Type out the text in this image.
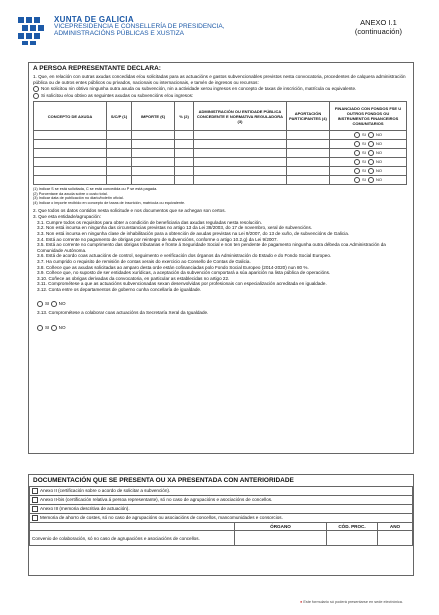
XUNTA DE GALICIA
VICEPRESIDENCIA E CONSELLERÍA DE PRESIDENCIA,
ADMINISTRACIÓNS PÚBLICAS E XUSTIZA
ANEXO I.1
(continuación)
A PERSOA REPRESENTANTE DECLARA:
1. Que, en relación con outras axudas concedidas e/ou solicitadas para as actuacións e gastos subvencionables previstos nesta convocatoria, procedentes de calquera administración pública ou de outros entes públicos ou privados, nacionais ou internacionais, e tamén de ingresos ou recursos:
Non solicitou nin obtivo ningunha outra axuda ou subvención, nin a actividade xerou ingresos en concepto de taxas de inscrición, matrícula ou equivalente.
Si solicitou e/ou obtivo as seguintes axudas ou subvencións e/ou ingresos:
CONCEPTO DE AXUDA	S/C/P (1)	IMPORTE (€)	% (2)	ADMINISTRACIÓN OU ENTIDADE PÚBLICA CONCEDENTE E NORMATIVA REGULADORA (3)	APORTACIÓN PARTICIPANTES (4)	FINANCIADO CON FONDOS FSE U OUTROS FONDOS OU INSTRUMENTOS FINANCEIROS COMUNITARIOS
						SI NO
						SI NO
						SI NO
						SI NO
						SI NO
						SI NO
(1) Indicar S se está solicitada, C se está concedida ou P se está pagada.
(2) Porcentaxe da axuda sobre o custo total.
(3) Indicar data de publicación no diario/boletín oficial.
(4) Indicar o importe recibido en concepto de taxas de inscrición, matrícula ou equivalente.
2. Que todos os datos contidos nesta solicitude e nos documentos que se achegan son certos.
3. Que esta entidade/agrupación:
3.1. Cumpre todos os requisitos para obter a condición de beneficiaria das axudas reguladas nesta resolución.
3.2. Non está incursa en ningunha das circunstancias previstas no artigo 13 da Lei 38/2003, do 17 de novembro, xeral de subvencións.
3.3. Non está incursa en ningunha clase de inhabilitación para a obtención de axudas previstas na Lei 9/2007, do 13 de xuño, de subvencións de Galicia.
3.4. Está ao corrente no pagamento de obrigas por reintegro de subvencións, conforme o artigo 10.2.g) da Lei 9/2007.
3.5. Está ao corrente no cumprimento das obrigas tributarias e fronte á Seguridade Social e non ten pendente de pagamento ningunha outra débeda coa Administración da Comunidade Autónoma.
3.6. Está de acordo coas actuacións de control, seguimento e verificación dos órganos da Administración do Estado e do Fondo Social Europeo.
3.7. Ha cumprido o requisito de remisión de contas xerais do exercicio ao Consello de Contas de Galicia.
3.8. Coñece que as axudas solicitadas ao amparo desta orde están cofinanciadas polo Fondo Social Europeo (2014-2020) nun 80 %.
3.9. Coñece que, no suposto de ser entidades xurídicas, a aceptación da subvención comportará a súa aparición na lista pública de operacións.
3.10. Coñece as obrigas derivadas da convocatoria, en particular as establecidas no artigo 22.
3.11. Comprométese a que as actuacións subvencionadas sexan desenvolvidas por profesionais con especialización acreditada en igualdade.
3.12. Conta entre os departamentos de goberno cunha concellaría de igualdade.
SI NO
3.13. Comprométese a colaborar coas actuacións da Secretaría Xeral da Igualdade.
SI NO
DOCUMENTACIÓN QUE SE PRESENTA OU XA PRESENTADA CON ANTERIORIDADE
Anexo II (certificación sobre o acordo de solicitar a subvención).			
Anexo II-bis (certificación relativa á persoa representante), só no caso de agrupacións e asociacións de concellos.			
Anexo III (memoria descritiva de actuación).			
Memoria de ahorro de costes, só no caso de agrupacións ou asociacións de concellos, mancomunidades e consorcios.			
	ÓRGANO	CÓD. PROC.	ANO
Convenio de colaboración, só no caso de agrupacións e asociacións de concellos.			
● Este formulario só poderá presentarse en sede electrónica.
